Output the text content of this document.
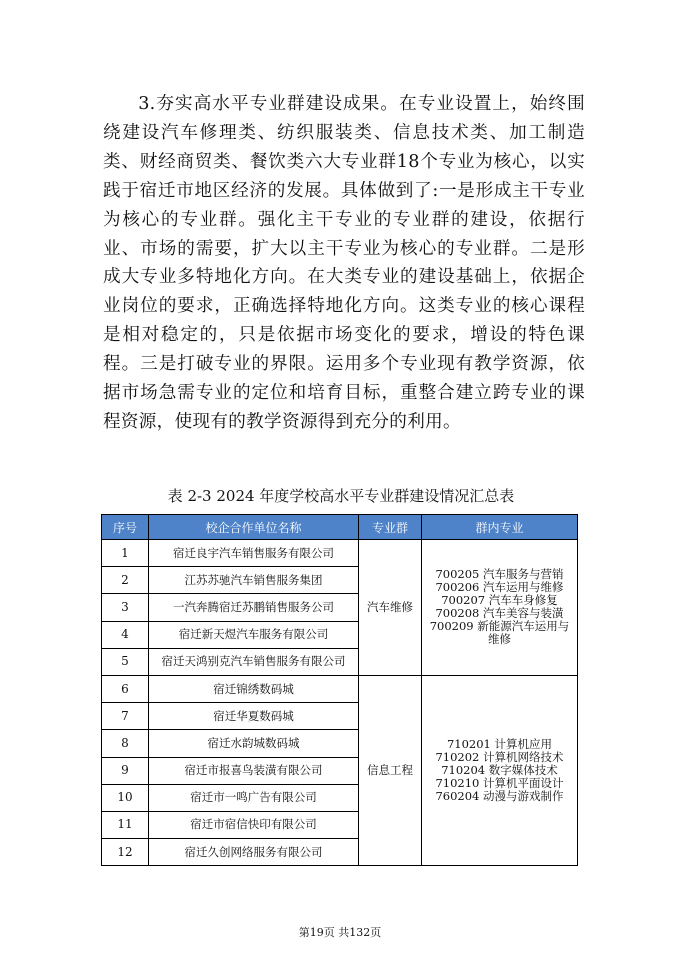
3.夯实高水平专业群建设成果。在专业设置上，始终围绕建设汽车修理类、纺织服装类、信息技术类、加工制造类、财经商贸类、餐饮类六大专业群18个专业为核心，以实践于宿迁市地区经济的发展。具体做到了:一是形成主干专业为核心的专业群。强化主干专业的专业群的建设，依据行业、市场的需要，扩大以主干专业为核心的专业群。二是形成大专业多特地化方向。在大类专业的建设基础上，依据企业岗位的要求，正确选择特地化方向。这类专业的核心课程是相对稳定的，只是依据市场变化的要求，增设的特色课程。三是打破专业的界限。运用多个专业现有教学资源，依据市场急需专业的定位和培育目标，重整合建立跨专业的课程资源，使现有的教学资源得到充分的利用。

表 2-3 2024 年度学校高水平专业群建设情况汇总表

序号	校企合作单位名称	专业群	群内专业
1	宿迁良宇汽车销售服务有限公司	汽车维修	700205 汽车服务与营销
700206 汽车运用与维修
700207 汽车车身修复
700208 汽车美容与装潢
700209 新能源汽车运用与维修

2	江苏苏驰汽车销售服务集团		
3	一汽奔腾宿迁苏鹏销售服务公司		
4	宿迁新天煜汽车服务有限公司		
5	宿迁天鸿别克汽车销售服务有限公司		
6	宿迁锦绣数码城	信息工程	710201 计算机应用
710202 计算机网络技术
710204 数字媒体技术
710210 计算机平面设计
760204 动漫与游戏制作

7	宿迁华夏数码城		
8	宿迁水韵城数码城		
9	宿迁市报喜鸟装潢有限公司		
10	宿迁市一鸣广告有限公司		
11	宿迁市宿信快印有限公司		
12	宿迁久创网络服务有限公司		

第19页 共132页
